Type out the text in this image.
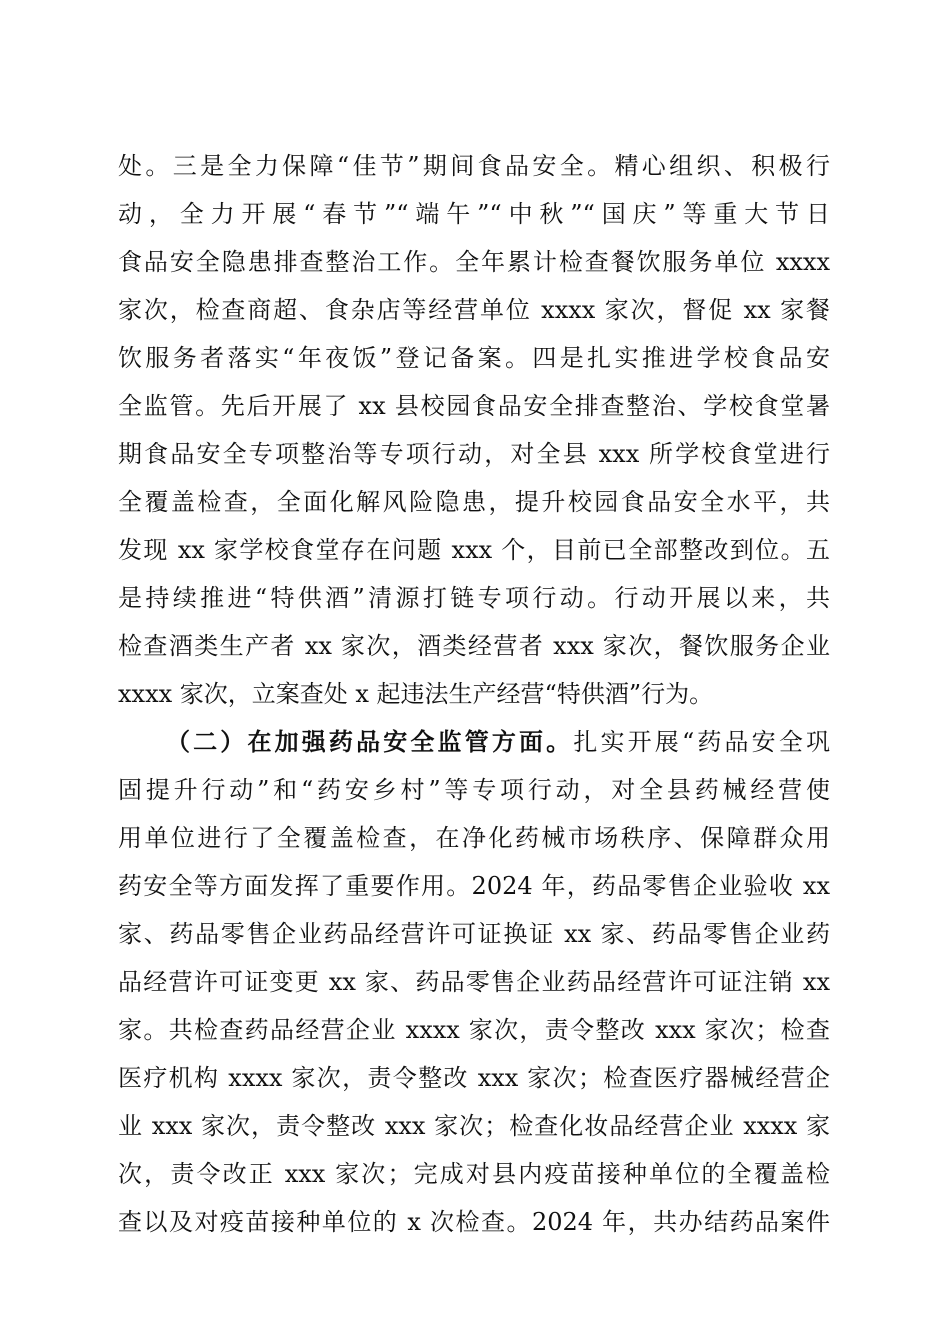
处。三是全力保障“佳节”期间食品安全。精心组织、积极行
动，全力开展“春节”“端午”“中秋”“国庆”等重大节日
食品安全隐患排查整治工作。全年累计检查餐饮服务单位 xxxx
家次，检查商超、食杂店等经营单位 xxxx 家次，督促 xx 家餐
饮服务者落实“年夜饭”登记备案。四是扎实推进学校食品安
全监管。先后开展了 xx 县校园食品安全排查整治、学校食堂暑
期食品安全专项整治等专项行动，对全县 xxx 所学校食堂进行
全覆盖检查，全面化解风险隐患，提升校园食品安全水平，共
发现 xx 家学校食堂存在问题 xxx 个，目前已全部整改到位。五
是持续推进“特供酒”清源打链专项行动。行动开展以来，共
检查酒类生产者 xx 家次，酒类经营者 xxx 家次，餐饮服务企业
xxxx 家次，立案查处 x 起违法生产经营“特供酒”行为。
（二）在加强药品安全监管方面。扎实开展“药品安全巩
固提升行动”和“药安乡村”等专项行动，对全县药械经营使
用单位进行了全覆盖检查，在净化药械市场秩序、保障群众用
药安全等方面发挥了重要作用。2024 年，药品零售企业验收 xx
家、药品零售企业药品经营许可证换证 xx 家、药品零售企业药
品经营许可证变更 xx 家、药品零售企业药品经营许可证注销 xx
家。共检查药品经营企业 xxxx 家次，责令整改 xxx 家次；检查
医疗机构 xxxx 家次，责令整改 xxx 家次；检查医疗器械经营企
业 xxx 家次，责令整改 xxx 家次；检查化妆品经营企业 xxxx 家
次，责令改正 xxx 家次；完成对县内疫苗接种单位的全覆盖检
查以及对疫苗接种单位的 x 次检查。2024 年，共办结药品案件
